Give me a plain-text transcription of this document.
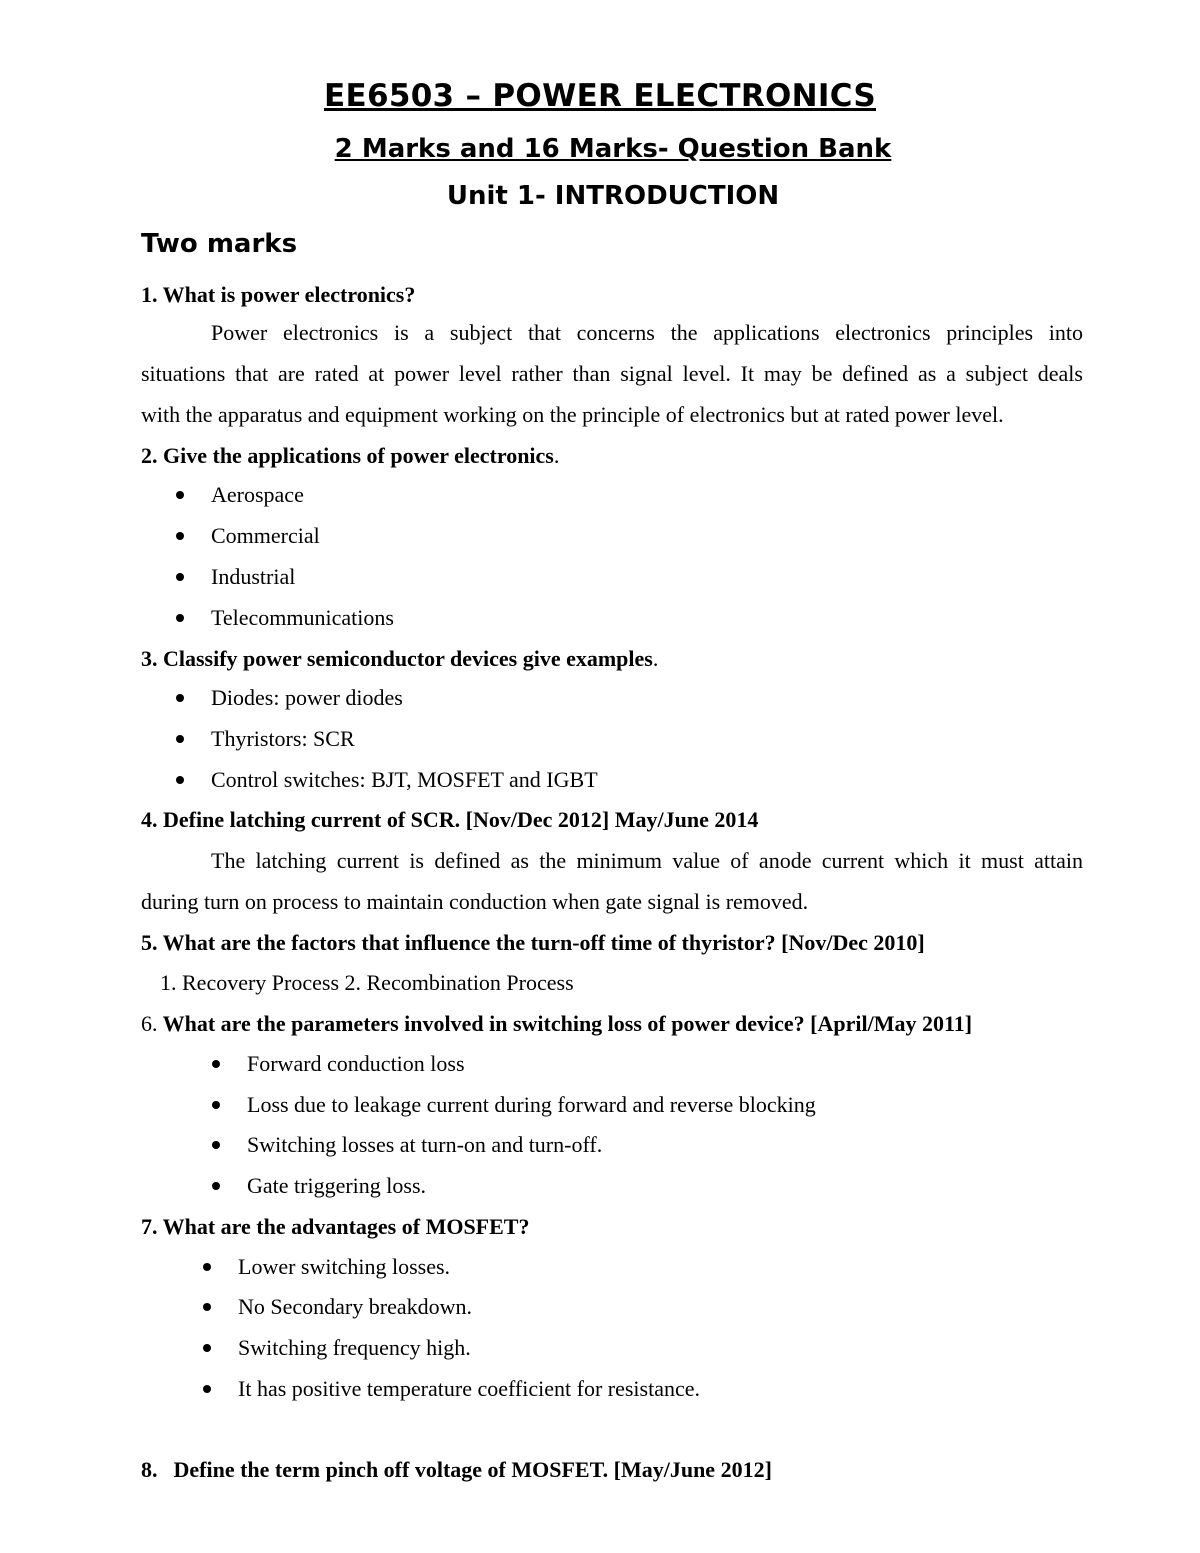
EE6503 – POWER ELECTRONICS
2 Marks and 16 Marks- Question Bank
Unit 1- INTRODUCTION
Two marks
1. What is power electronics?
Power electronics is a subject that concerns the applications electronics principles into
situations that are rated at power level rather than signal level. It may be defined as a subject deals
with the apparatus and equipment working on the principle of electronics but at rated power level.
2. Give the applications of power electronics.
Aerospace
Commercial
Industrial
Telecommunications
3. Classify power semiconductor devices give examples.
Diodes: power diodes
Thyristors: SCR
Control switches: BJT, MOSFET and IGBT
4. Define latching current of SCR. [Nov/Dec 2012] May/June 2014
The latching current is defined as the minimum value of anode current which it must attain
during turn on process to maintain conduction when gate signal is removed.
5. What are the factors that influence the turn-off time of thyristor? [Nov/Dec 2010]
1. Recovery Process 2. Recombination Process
6. What are the parameters involved in switching loss of power device? [April/May 2011]
Forward conduction loss
Loss due to leakage current during forward and reverse blocking
Switching losses at turn-on and turn-off.
Gate triggering loss.
7. What are the advantages of MOSFET?
Lower switching losses.
No Secondary breakdown.
Switching frequency high.
It has positive temperature coefficient for resistance.
8. Define the term pinch off voltage of MOSFET. [May/June 2012]
